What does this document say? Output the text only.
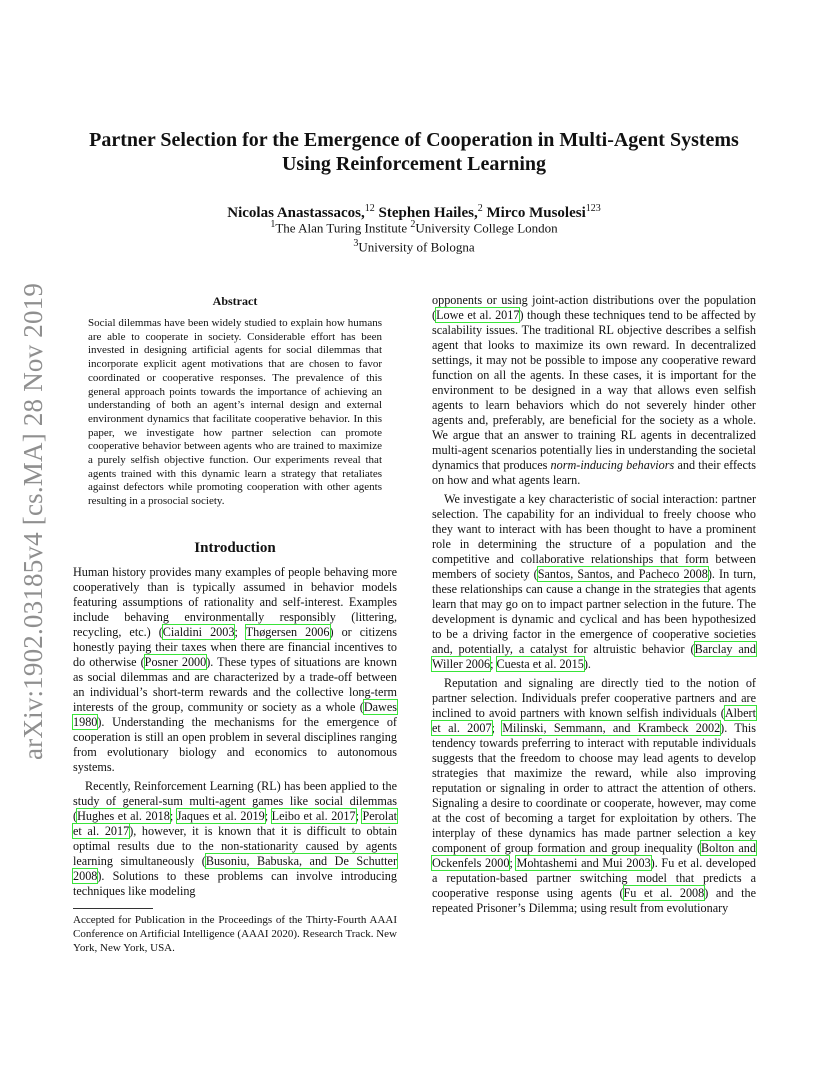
arXiv:1902.03185v4 [cs.MA] 28 Nov 2019
Partner Selection for the Emergence of Cooperation in Multi-Agent Systems
Using Reinforcement Learning
Nicolas Anastassacos,$^{12}$ Stephen Hailes,$^2$ Mirco Musolesi$^{123}$
$^1$The Alan Turing Institute $^2$University College London
$^3$University of Bologna
Abstract
Social dilemmas have been widely studied to explain how humans are able to cooperate in society. Considerable effort has been invested in designing artificial agents for social dilemmas that incorporate explicit agent motivations that are chosen to favor coordinated or cooperative responses. The prevalence of this general approach points towards the importance of achieving an understanding of both an agent’s internal design and external environment dynamics that facilitate cooperative behavior. In this paper, we investigate how partner selection can promote cooperative behavior between agents who are trained to maximize a purely selfish objective function. Our experiments reveal that agents trained with this dynamic learn a strategy that retaliates against defectors while promoting cooperation with other agents resulting in a prosocial society.
Introduction

Human history provides many examples of people behaving more cooperatively than is typically assumed in behavior models featuring assumptions of rationality and self-interest. Examples include behaving environmentally responsibly (littering, recycling, etc.) (Cialdini 2003; Thøgersen 2006) or citizens honestly paying their taxes when there are financial incentives to do otherwise (Posner 2000). These types of situations are known as social dilemmas and are characterized by a trade-off between an individual’s short-term rewards and the collective long-term interests of the group, community or society as a whole (Dawes 1980). Understanding the mechanisms for the emergence of cooperation is still an open problem in several disciplines ranging from evolutionary biology and economics to autonomous systems.

Recently, Reinforcement Learning (RL) has been applied to the study of general-sum multi-agent games like social dilemmas (Hughes et al. 2018; Jaques et al. 2019; Leibo et al. 2017; Perolat et al. 2017), however, it is known that it is difficult to obtain optimal results due to the non-stationarity caused by agents learning simultaneously (Busoniu, Babuska, and De Schutter 2008). Solutions to these problems can involve introducing techniques like modeling

Accepted for Publication in the Proceedings of the Thirty-Fourth AAAI Conference on Artificial Intelligence (AAAI 2020). Research Track. New York, New York, USA.

opponents or using joint-action distributions over the population (Lowe et al. 2017) though these techniques tend to be affected by scalability issues. The traditional RL objective describes a selfish agent that looks to maximize its own reward. In decentralized settings, it may not be possible to impose any cooperative reward function on all the agents. In these cases, it is important for the environment to be designed in a way that allows even selfish agents to learn behaviors which do not severely hinder other agents and, preferably, are beneficial for the society as a whole. We argue that an answer to training RL agents in decentralized multi-agent scenarios potentially lies in understanding the societal dynamics that produces norm-inducing behaviors and their effects on how and what agents learn.

We investigate a key characteristic of social interaction: partner selection. The capability for an individual to freely choose who they want to interact with has been thought to have a prominent role in determining the structure of a population and the competitive and collaborative relationships that form between members of society (Santos, Santos, and Pacheco 2008). In turn, these relationships can cause a change in the strategies that agents learn that may go on to impact partner selection in the future. The development is dynamic and cyclical and has been hypothesized to be a driving factor in the emergence of cooperative societies and, potentially, a catalyst for altruistic behavior (Barclay and Willer 2006; Cuesta et al. 2015).

Reputation and signaling are directly tied to the notion of partner selection. Individuals prefer cooperative partners and are inclined to avoid partners with known selfish individuals (Albert et al. 2007; Milinski, Semmann, and Krambeck 2002). This tendency towards preferring to interact with reputable individuals suggests that the freedom to choose may lead agents to develop strategies that maximize the reward, while also improving reputation or signaling in order to attract the attention of others. Signaling a desire to coordinate or cooperate, however, may come at the cost of becoming a target for exploitation by others. The interplay of these dynamics has made partner selection a key component of group formation and group inequality (Bolton and Ockenfels 2000; Mohtashemi and Mui 2003). Fu et al. developed a reputation-based partner switching model that predicts a cooperative response using agents (Fu et al. 2008) and the repeated Prisoner’s Dilemma; using result from evolutionary
